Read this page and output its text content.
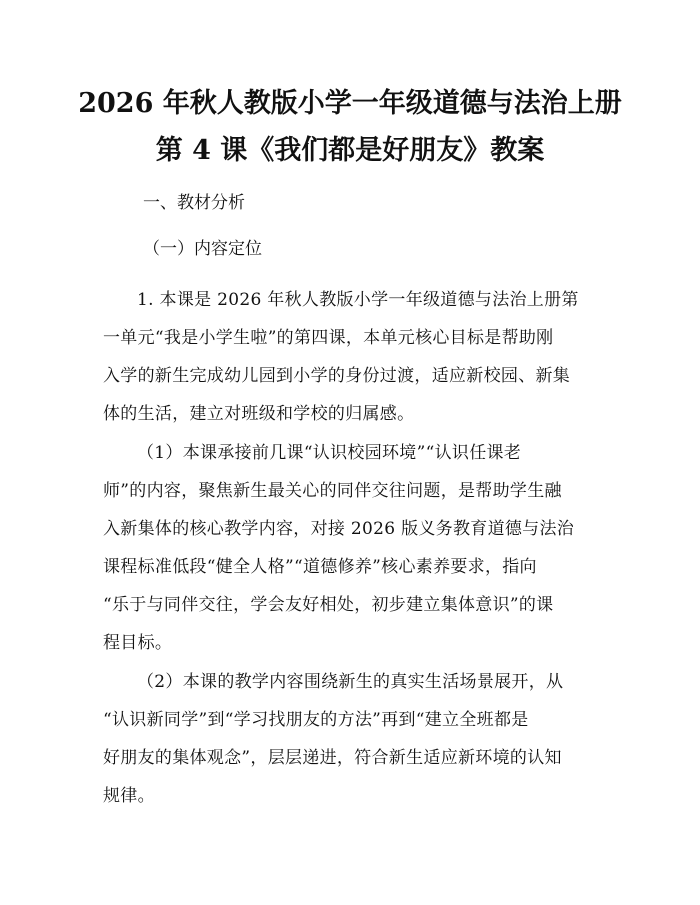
2026 年秋人教版小学一年级道德与法治上册
第 4 课《我们都是好朋友》教案
一、教材分析
（一）内容定位
1. 本课是 2026 年秋人教版小学一年级道德与法治上册第
一单元“我是小学生啦”的第四课，本单元核心目标是帮助刚
入学的新生完成幼儿园到小学的身份过渡，适应新校园、新集
体的生活，建立对班级和学校的归属感。
（1）本课承接前几课“认识校园环境”“认识任课老
师”的内容，聚焦新生最关心的同伴交往问题，是帮助学生融
入新集体的核心教学内容，对接 2026 版义务教育道德与法治
课程标准低段“健全人格”“道德修养”核心素养要求，指向
“乐于与同伴交往，学会友好相处，初步建立集体意识”的课
程目标。
（2）本课的教学内容围绕新生的真实生活场景展开，从
“认识新同学”到“学习找朋友的方法”再到“建立全班都是
好朋友的集体观念”，层层递进，符合新生适应新环境的认知
规律。
